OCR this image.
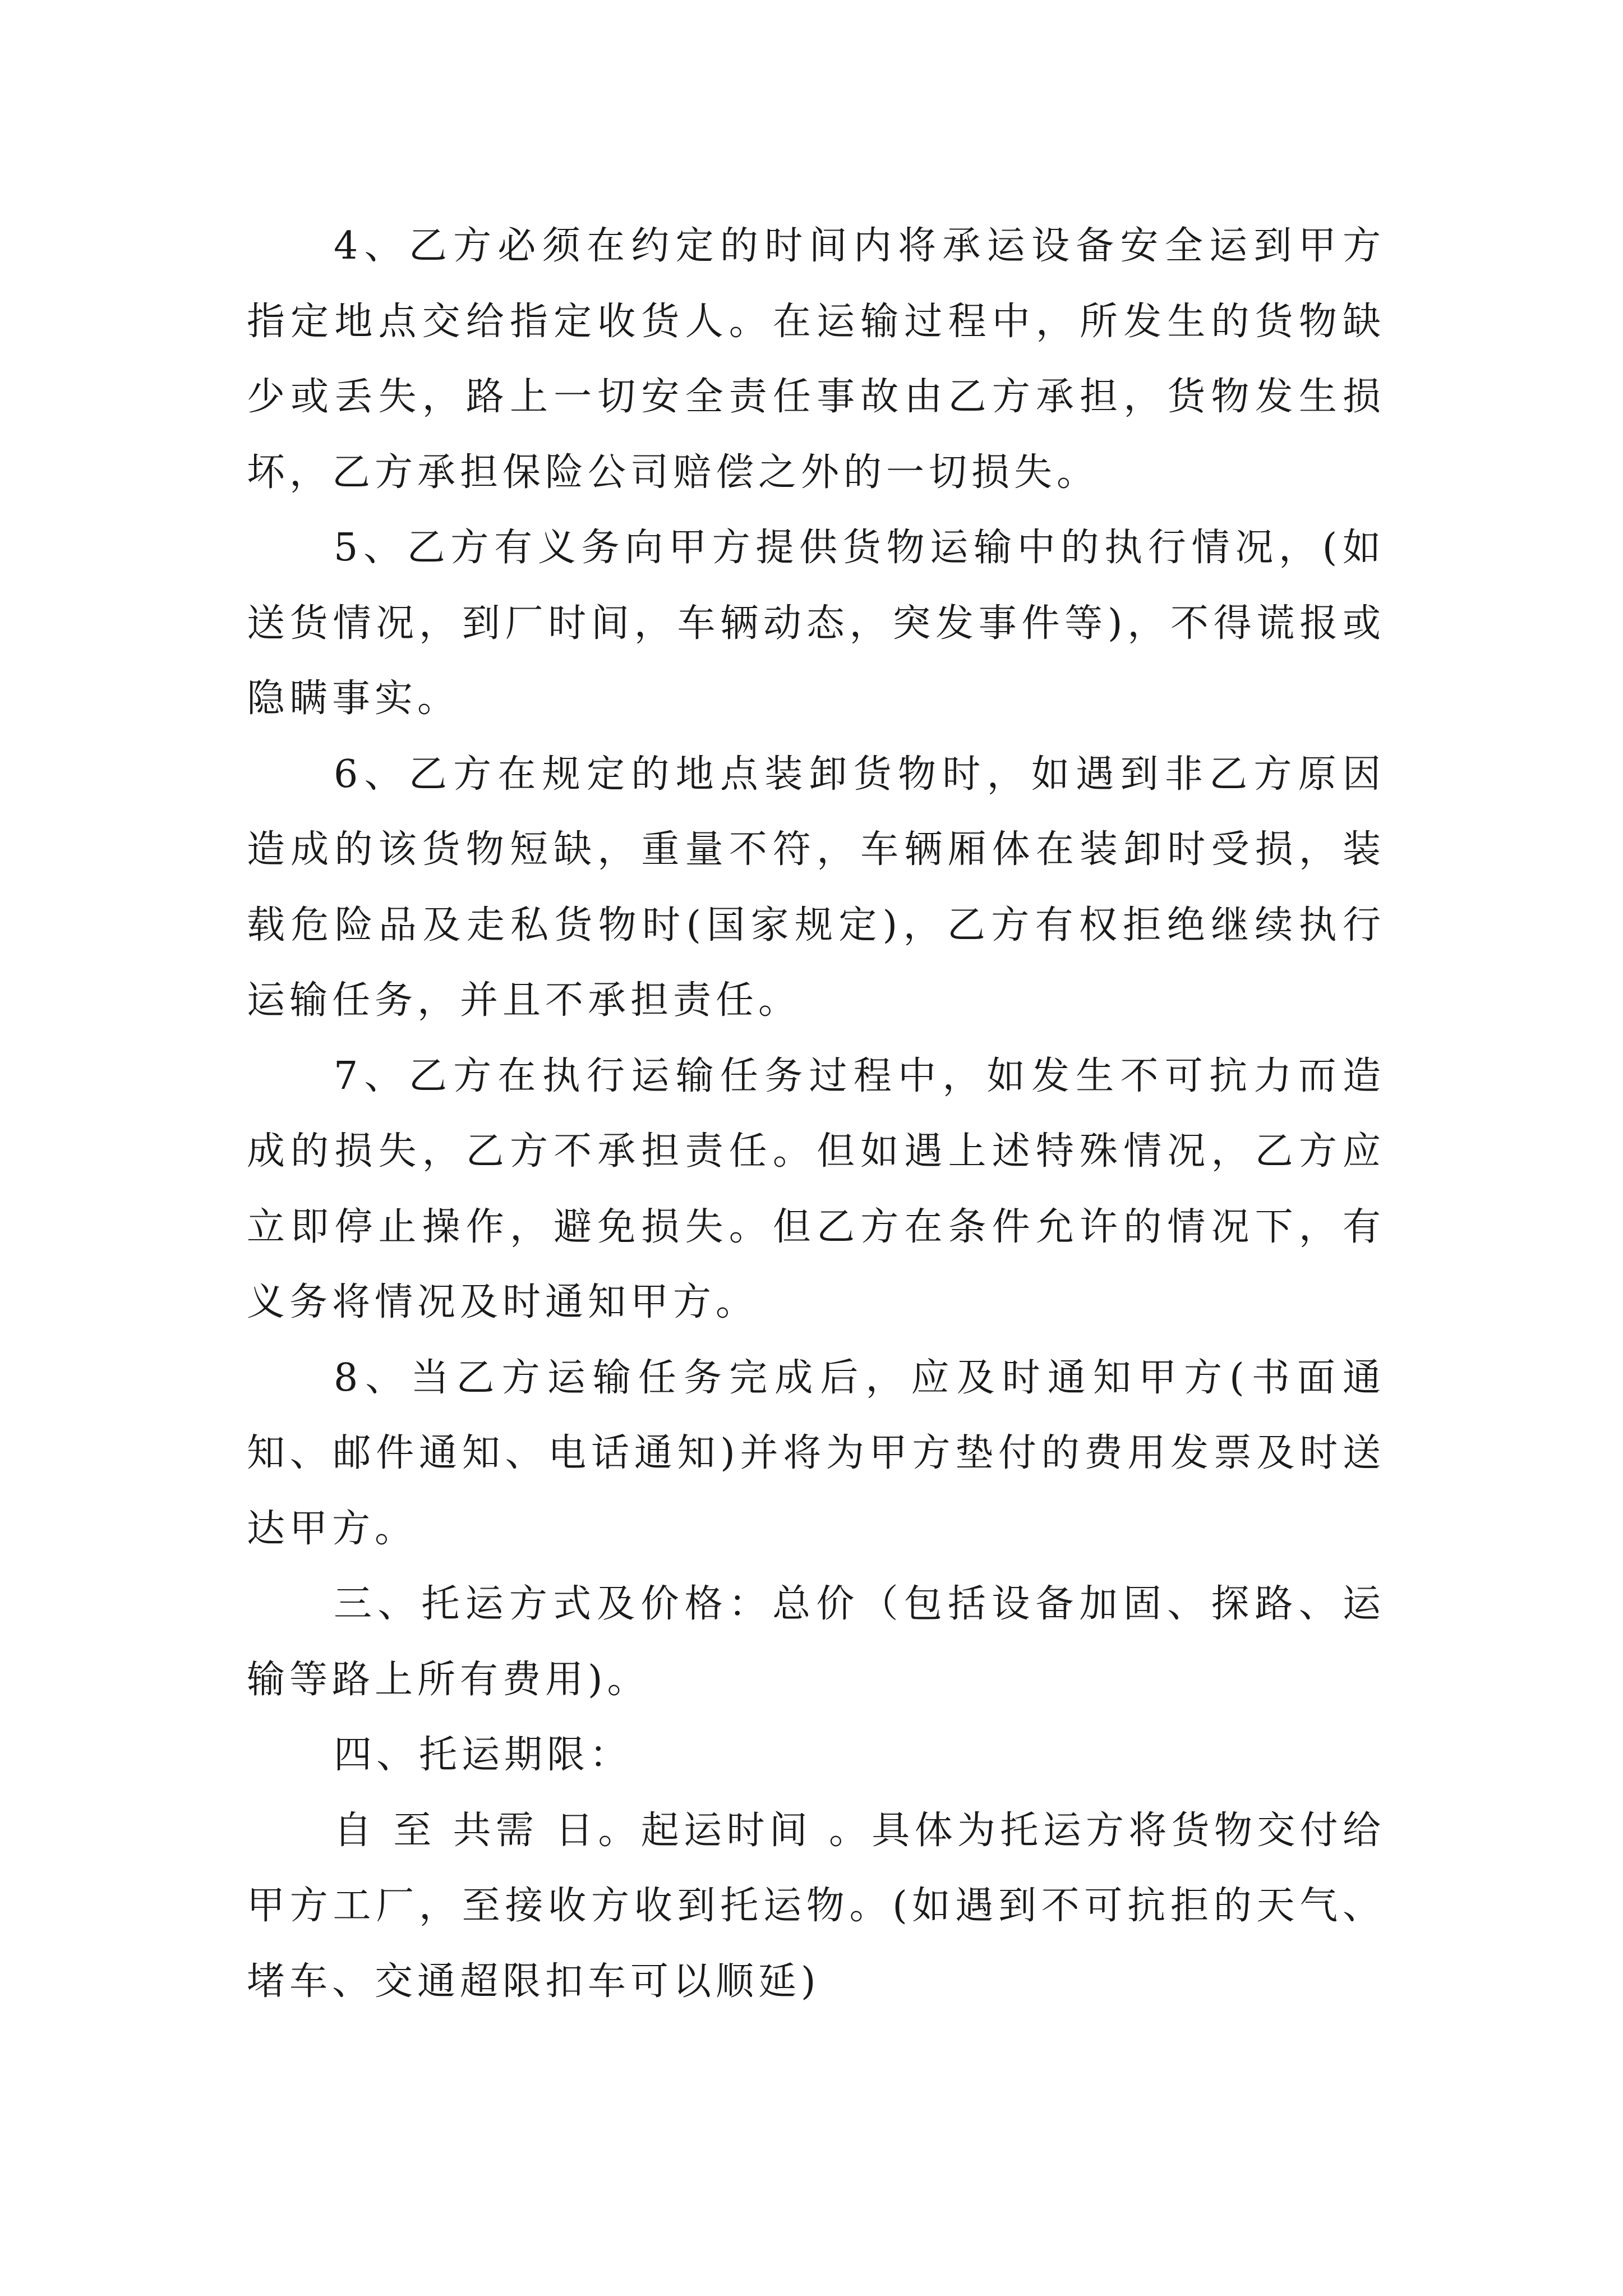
4、乙方必须在约定的时间内将承运设备安全运到甲方指定地点交给指定收货人。在运输过程中，所发生的货物缺少或丢失，路上一切安全责任事故由乙方承担，货物发生损坏，乙方承担保险公司赔偿之外的一切损失。

5、乙方有义务向甲方提供货物运输中的执行情况，(如送货情况，到厂时间，车辆动态，突发事件等)，不得谎报或隐瞒事实。

6、乙方在规定的地点装卸货物时，如遇到非乙方原因造成的该货物短缺，重量不符，车辆厢体在装卸时受损，装载危险品及走私货物时(国家规定)，乙方有权拒绝继续执行运输任务，并且不承担责任。

7、乙方在执行运输任务过程中，如发生不可抗力而造成的损失，乙方不承担责任。但如遇上述特殊情况，乙方应立即停止操作，避免损失。但乙方在条件允许的情况下，有义务将情况及时通知甲方。

8、当乙方运输任务完成后，应及时通知甲方(书面通知、邮件通知、电话通知)并将为甲方垫付的费用发票及时送达甲方。

三、托运方式及价格：总价（包括设备加固、探路、运输等路上所有费用)。

四、托运期限：

自 至 共需 日。起运时间 。具体为托运方将货物交付给甲方工厂，至接收方收到托运物。(如遇到不可抗拒的天气、堵车、交通超限扣车可以顺延)
